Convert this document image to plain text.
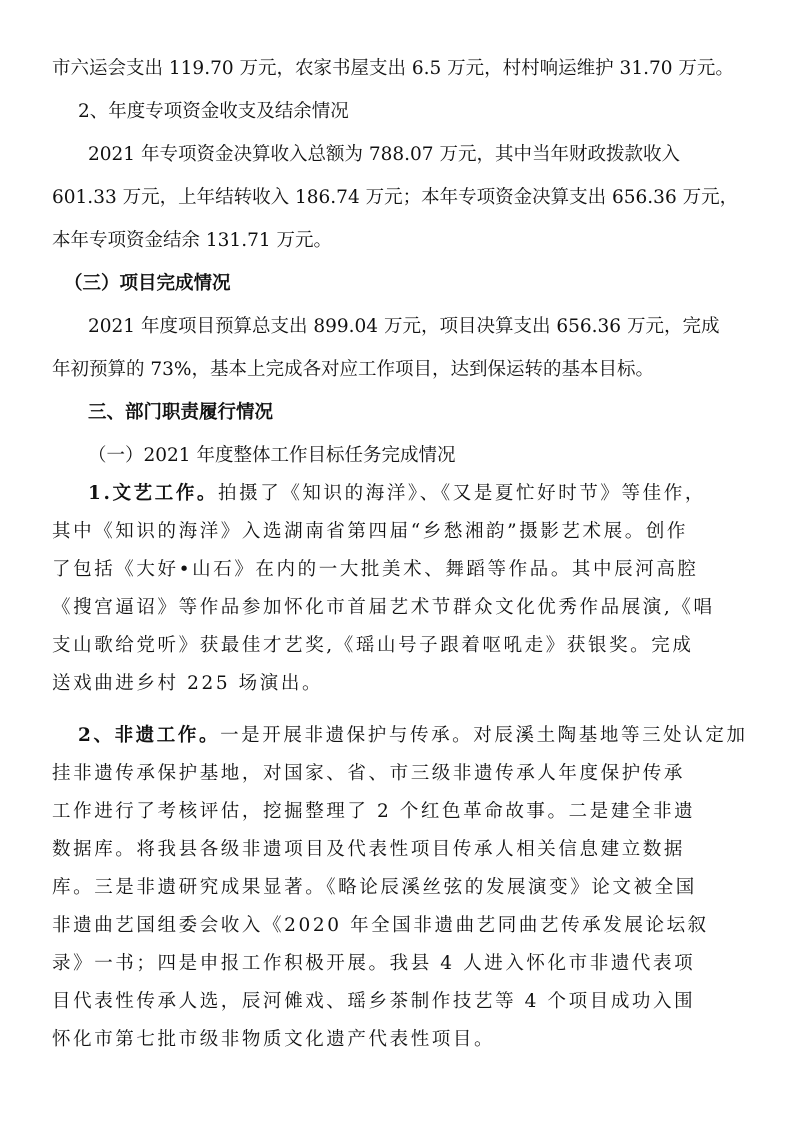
市六运会支出 119.70 万元，农家书屋支出 6.5 万元，村村响运维护 31.70 万元。

2、年度专项资金收支及结余情况

2021 年专项资金决算收入总额为 788.07 万元，其中当年财政拨款收入

601.33 万元，上年结转收入 186.74 万元；本年专项资金决算支出 656.36 万元，

本年专项资金结余 131.71 万元。

（三）项目完成情况

2021 年度项目预算总支出 899.04 万元，项目决算支出 656.36 万元，完成

年初预算的 73%，基本上完成各对应工作项目，达到保运转的基本目标。

三、部门职责履行情况

（一）2021 年度整体工作目标任务完成情况

1.文艺工作。拍摄了《知识的海洋》、《又是夏忙好时节》等佳作，

其中《知识的海洋》入选湖南省第四届“乡愁湘韵”摄影艺术展。创作

了包括《大好•山石》在内的一大批美术、舞蹈等作品。其中辰河高腔

《搜宫逼诏》等作品参加怀化市首届艺术节群众文化优秀作品展演,《唱

支山歌给党听》获最佳才艺奖,《瑶山号子跟着呕吼走》获银奖。完成

送戏曲进乡村 225 场演出。

2、非遗工作。一是开展非遗保护与传承。对辰溪土陶基地等三处认定加

挂非遗传承保护基地，对国家、省、市三级非遗传承人年度保护传承

工作进行了考核评估，挖掘整理了 2 个红色革命故事。二是建全非遗

数据库。将我县各级非遗项目及代表性项目传承人相关信息建立数据

库。三是非遗研究成果显著。《略论辰溪丝弦的发展演变》论文被全国

非遗曲艺国组委会收入《2020 年全国非遗曲艺同曲艺传承发展论坛叙

录》一书；四是申报工作积极开展。我县 4 人进入怀化市非遗代表项

目代表性传承人选，辰河傩戏、瑶乡茶制作技艺等 4 个项目成功入围

怀化市第七批市级非物质文化遗产代表性项目。
